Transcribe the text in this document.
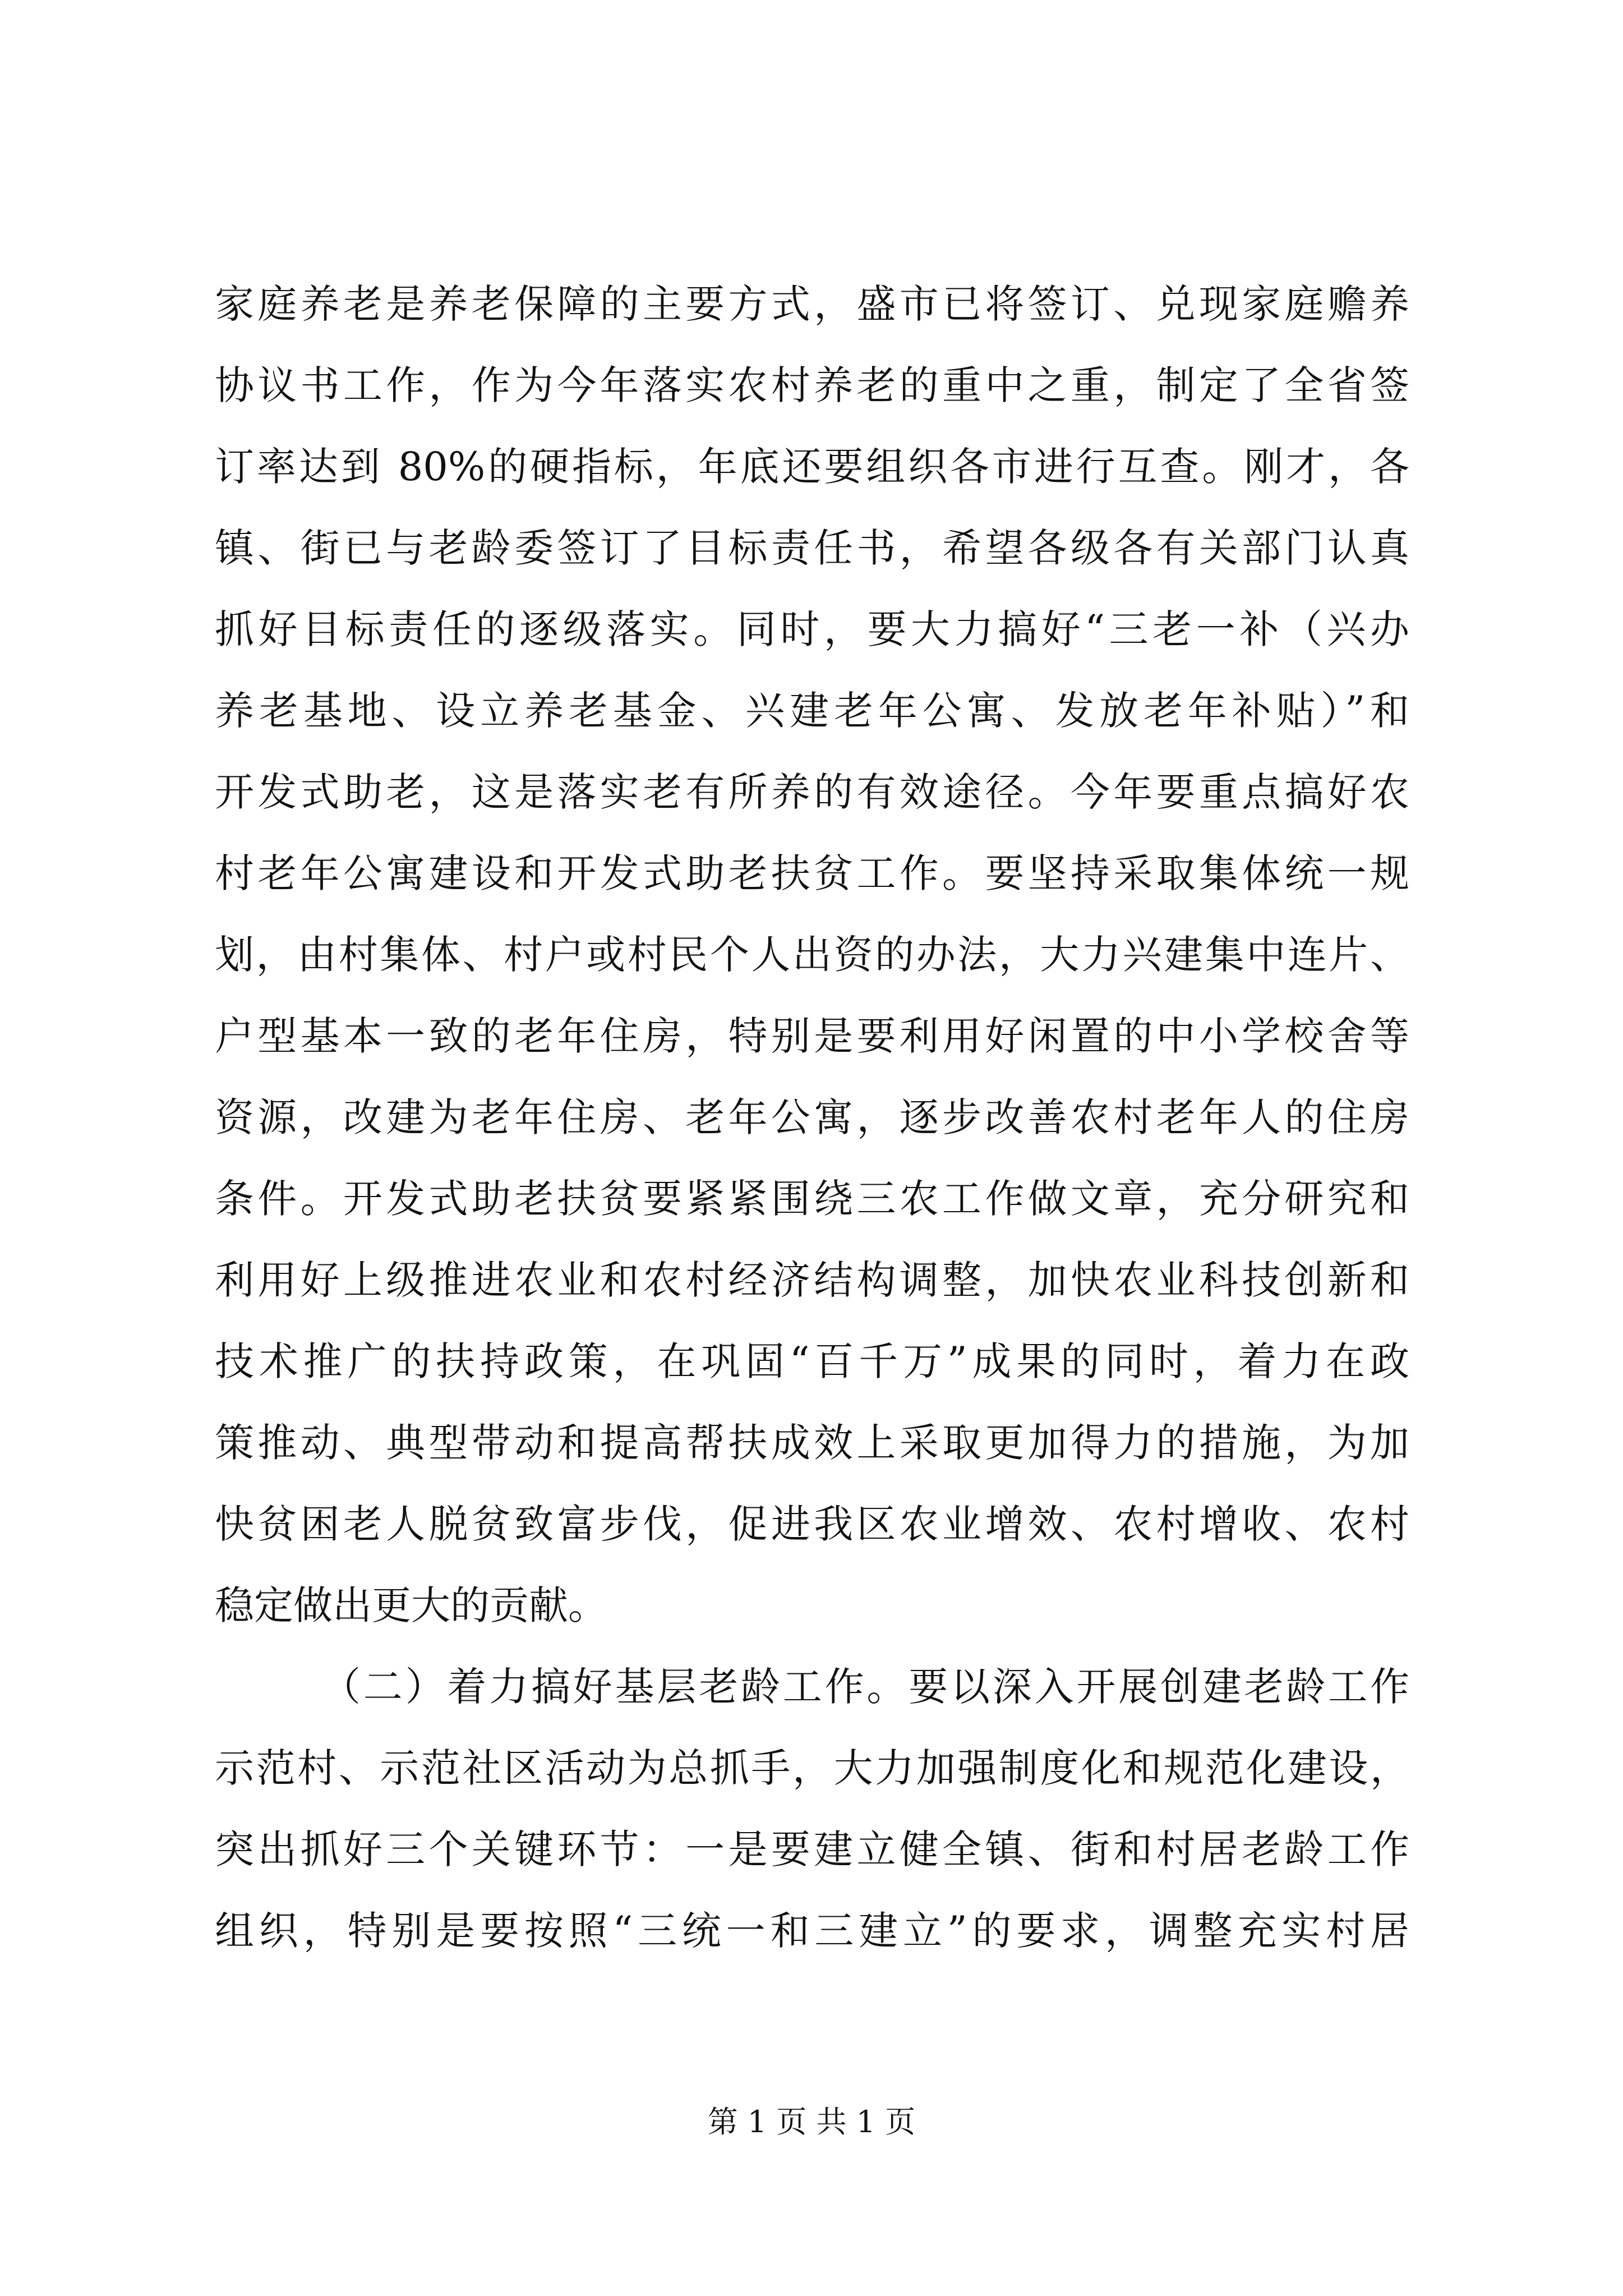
家庭养老是养老保障的主要方式，盛市已将签订、兑现家庭赡养
协议书工作，作为今年落实农村养老的重中之重，制定了全省签
订率达到 80%的硬指标，年底还要组织各市进行互查。刚才，各
镇、街已与老龄委签订了目标责任书，希望各级各有关部门认真
抓好目标责任的逐级落实。同时，要大力搞好“三老一补（兴办
养老基地、设立养老基金、兴建老年公寓、发放老年补贴）”和
开发式助老，这是落实老有所养的有效途径。今年要重点搞好农
村老年公寓建设和开发式助老扶贫工作。要坚持采取集体统一规
划，由村集体、村户或村民个人出资的办法，大力兴建集中连片、
户型基本一致的老年住房，特别是要利用好闲置的中小学校舍等
资源，改建为老年住房、老年公寓，逐步改善农村老年人的住房
条件。开发式助老扶贫要紧紧围绕三农工作做文章，充分研究和
利用好上级推进农业和农村经济结构调整，加快农业科技创新和
技术推广的扶持政策，在巩固“百千万”成果的同时，着力在政
策推动、典型带动和提高帮扶成效上采取更加得力的措施，为加
快贫困老人脱贫致富步伐，促进我区农业增效、农村增收、农村
稳定做出更大的贡献。
（二）着力搞好基层老龄工作。要以深入开展创建老龄工作
示范村、示范社区活动为总抓手，大力加强制度化和规范化建设，
突出抓好三个关键环节：一是要建立健全镇、街和村居老龄工作
组织，特别是要按照“三统一和三建立”的要求，调整充实村居
第 1 页 共 1 页
